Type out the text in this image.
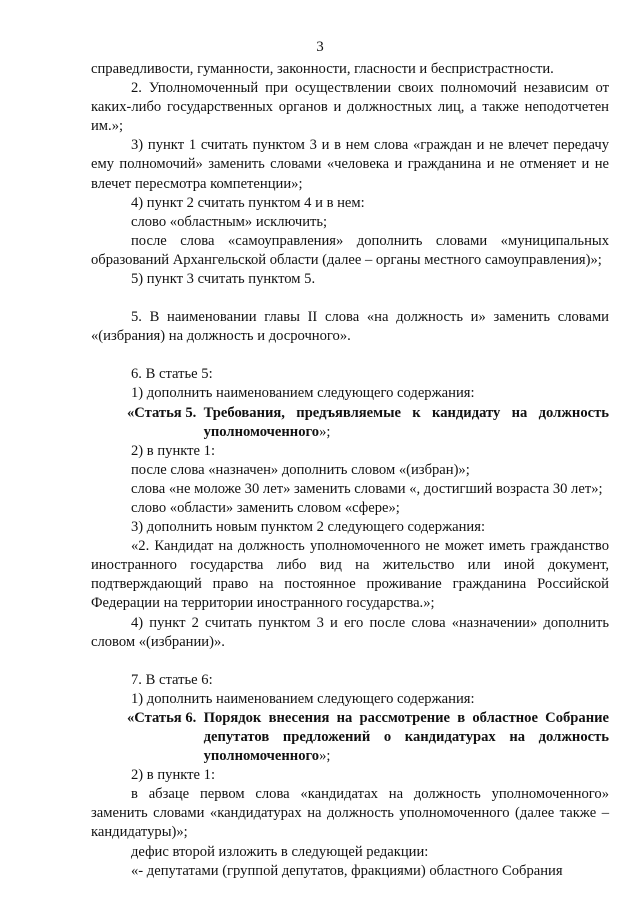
3

справедливости, гуманности, законности, гласности и беспристрастности.

2. Уполномоченный при осуществлении своих полномочий независим от каких-либо государственных органов и должностных лиц, а также неподотчетен им.»;

3) пункт 1 считать пунктом 3 и в нем слова «граждан и не влечет передачу ему полномочий» заменить словами «человека и гражданина и не отменяет и не влечет пересмотра компетенции»;

4) пункт 2 считать пунктом 4 и в нем:

слово «областным» исключить;

после слова «самоуправления» дополнить словами «муниципальных образований Архангельской области (далее – органы местного самоуправления)»;

5) пункт 3 считать пунктом 5.

5. В наименовании главы II слова «на должность и» заменить словами «(избрания) на должность и досрочного».

6. В статье 5:

1) дополнить наименованием следующего содержания:

«Статья 5. Требования, предъявляемые к кандидату на должность уполномоченного»;

2) в пункте 1:

после слова «назначен» дополнить словом «(избран)»;

слова «не моложе 30 лет» заменить словами «, достигший возраста 30 лет»;

слово «области» заменить словом «сфере»;

3) дополнить новым пунктом 2 следующего содержания:

«2. Кандидат на должность уполномоченного не может иметь гражданство иностранного государства либо вид на жительство или иной документ, подтверждающий право на постоянное проживание гражданина Российской Федерации на территории иностранного государства.»;

4) пункт 2 считать пунктом 3 и его после слова «назначении» дополнить словом «(избрании)».

7. В статье 6:

1) дополнить наименованием следующего содержания:

«Статья 6. Порядок внесения на рассмотрение в областное Собрание депутатов предложений о кандидатурах на должность уполномоченного»;

2) в пункте 1:

в абзаце первом слова «кандидатах на должность уполномоченного» заменить словами «кандидатурах на должность уполномоченного (далее также – кандидатуры)»;

дефис второй изложить в следующей редакции:

«- депутатами (группой депутатов, фракциями) областного Собрания
